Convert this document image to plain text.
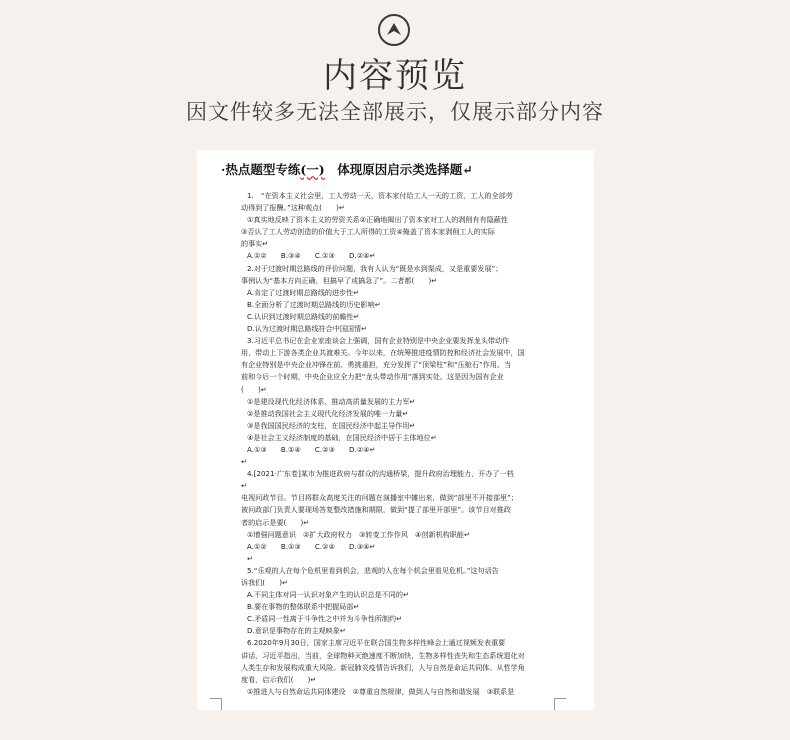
内容预览
因文件较多无法全部展示，仅展示部分内容
·热点题型专练(一)　体现原因启示类选择题↵
1.　“在资本主义社会里，工人劳动一天，资本家付给工人一天的工资，工人的全部劳
动得到了报酬。”这种观点(　　)↵
①真实地反映了资本主义的劳资关系②正确地揭出了资本家对工人的剥削有有隐蔽性
③否认了工人劳动创造的价值大于工人所得的工资④掩盖了资本家剥削工人的实际
的事实↵
A.①②　　B.③④　　C.①③　　D.②④↵
2.对于过渡时期总路线的评价问题，我有人认为“既是水到渠成，又是重要发展”；
事例认为“基本方向正确，但搞早了或搞急了”。二者都(　　)↵
A.肯定了过渡时期总路线的进步性↵
B.全面分析了过渡时期总路线的历史影响↵
C.认识到过渡时期总路线的前瞻性↵
D.认为过渡时期总路线符合中国国情↵
3.习近平总书记在企业家座谈会上强调，国有企业特别是中央企业要发挥龙头带动作
用，带动上下游各类企业共渡难关。今年以来，在统筹推进疫情防控和经济社会发展中，国
有企业特别是中央企业冲锋在前、勇挑重担，充分发挥了“顶梁柱”和“压舱石”作用。当
前和今后一个时期，中央企业应全力把“龙头带动作用”落到实处。这是因为国有企业
(　　)↵
①是建设现代化经济体系、推动高质量发展的主力军↵
②是推动我国社会主义现代化经济发展的唯一力量↵
③是我国国民经济的支柱，在国民经济中起主导作用↵
④是社会主义经济制度的基础，在国民经济中居于主体地位↵
A.①③　　B.①④　　C.②③　　D.②④↵
↵
4.[2021·广东卷]某市为推进政府与群众的沟通桥梁，提升政府治理能力，开办了一档
↵
电视问政节目。节目将群众高度关注的问题在演播室中摊出来，做到“部里不开接部里”；
被问政部门负责人要现场答复整改措施和期限，做到“提了部里开部里”。该节目对推政
者的启示是要(　　)↵
①增强问题意识　②扩大政府权力　③转变工作作风　④创新机构职能↵
A.①②　　B.①③　　C.②④　　D.③④↵
↵
5.“乐观的人在每个危机里看到机会，悲观的人在每个机会里看见危机。”这句话告
诉我们(　　)↵
A.不同主体对同一认识对象产生的认识总是不同的↵
B.要在事物的整体联系中把握局部↵
C.矛盾同一性离于斗争性之中并为斗争性所制约↵
D.意识是事物存在的主观映象↵
6.2020年9月30日，国家主席习近平在联合国生物多样性峰会上通过视频发表重要
讲话，习近平指出，当前，全球物种灭绝速度不断加快，生物多样性丧失和生态系统退化对
人类生存和发展构成重大风险。新冠肺炎疫情告诉我们，人与自然是命运共同体。从哲学角
度看，启示我们(　　)↵
①推进人与自然命运共同体建设　②尊重自然规律，做到人与自然和谐发展　③联系是
